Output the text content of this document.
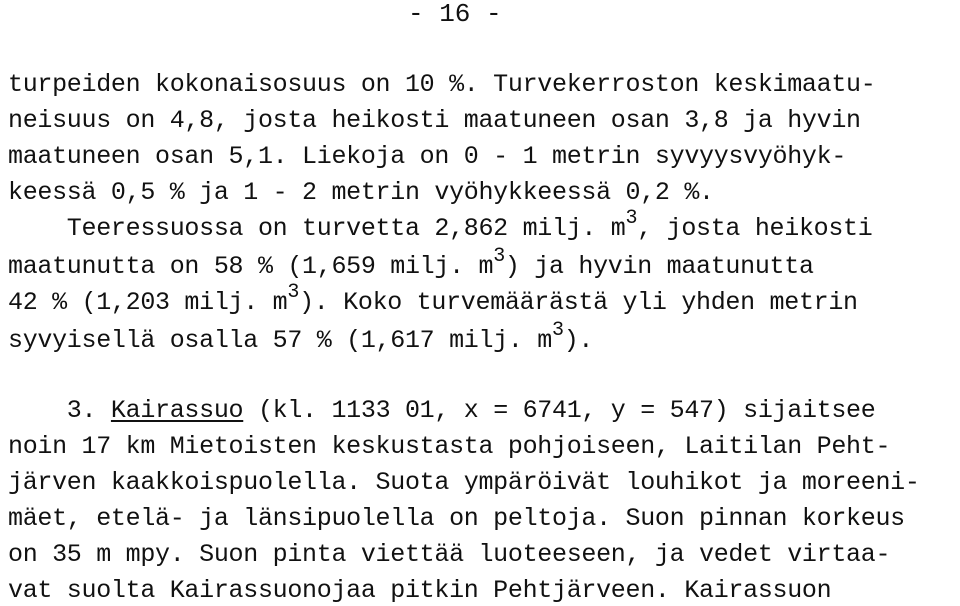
- 16 -
turpeiden kokonaisosuus on 10 %. Turvekerroston keskimaatu-
neisuus on 4,8, josta heikosti maatuneen osan 3,8 ja hyvin
maatuneen osan 5,1. Liekoja on 0 - 1 metrin syvyysvyöhyk-
keessä 0,5 % ja 1 - 2 metrin vyöhykkeessä 0,2 %.
Teeressuossa on turvetta 2,862 milj. $m^3$, josta heikosti
maatunutta on 58 % (1,659 milj. $m^3$) ja hyvin maatunutta
42 % (1,203 milj. $m^3$). Koko turvemäärästä yli yhden metrin
syvyisellä osalla 57 % (1,617 milj. $m^3$).
3. Kairassuo (kl. 1133 01, x = 6741, y = 547) sijaitsee
noin 17 km Mietoisten keskustasta pohjoiseen, Laitilan Peht-
järven kaakkoispuolella. Suota ympäröivät louhikot ja moreeni-
mäet, etelä- ja länsipuolella on peltoja. Suon pinnan korkeus
on 35 m mpy. Suon pinta viettää luoteeseen, ja vedet virtaa-
vat suolta Kairassuonojaa pitkin Pehtjärveen. Kairassuon
